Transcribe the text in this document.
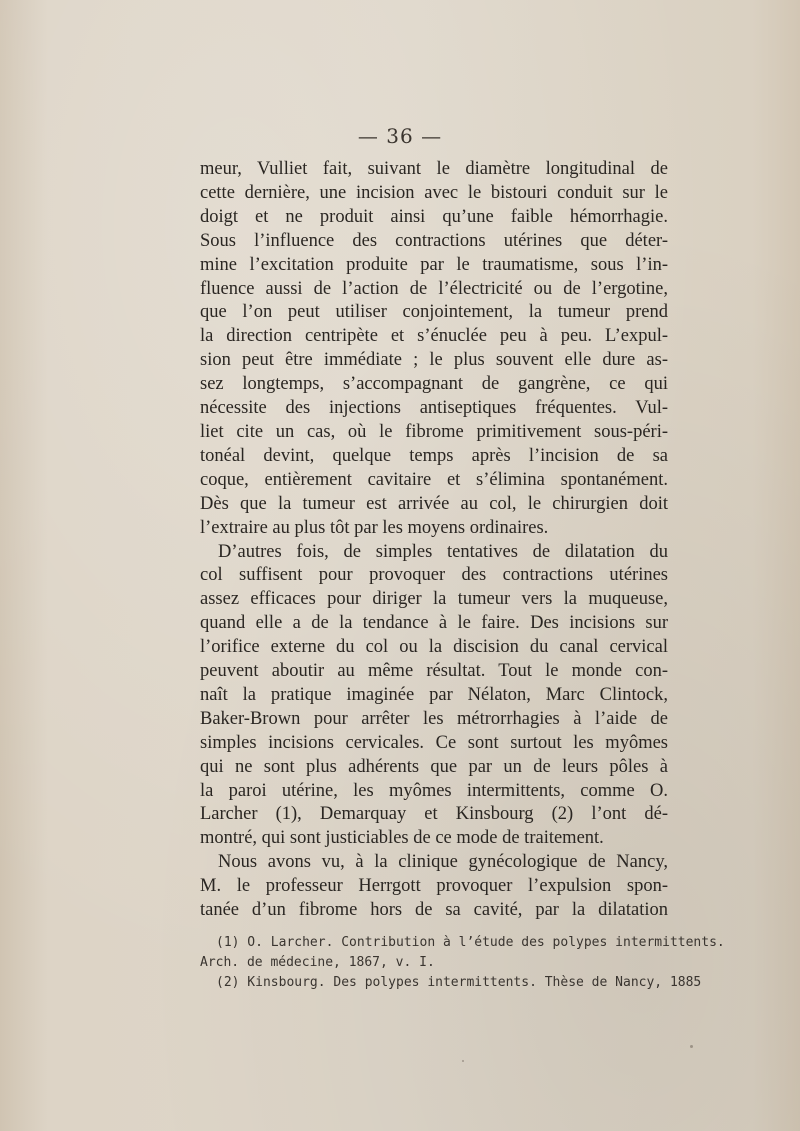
— 36 —
meur, Vulliet fait, suivant le diamètre longitudinal de
cette dernière, une incision avec le bistouri conduit sur le
doigt et ne produit ainsi qu’une faible hémorrhagie.
Sous l’influence des contractions utérines que déter-
mine l’excitation produite par le traumatisme, sous l’in-
fluence aussi de l’action de l’électricité ou de l’ergotine,
que l’on peut utiliser conjointement, la tumeur prend
la direction centripète et s’énuclée peu à peu. L’expul-
sion peut être immédiate ; le plus souvent elle dure as-
sez longtemps, s’accompagnant de gangrène, ce qui
nécessite des injections antiseptiques fréquentes. Vul-
liet cite un cas, où le fibrome primitivement sous-péri-
tonéal devint, quelque temps après l’incision de sa
coque, entièrement cavitaire et s’élimina spontanément.
Dès que la tumeur est arrivée au col, le chirurgien doit
l’extraire au plus tôt par les moyens ordinaires.
D’autres fois, de simples tentatives de dilatation du
col suffisent pour provoquer des contractions utérines
assez efficaces pour diriger la tumeur vers la muqueuse,
quand elle a de la tendance à le faire. Des incisions sur
l’orifice externe du col ou la discision du canal cervical
peuvent aboutir au même résultat. Tout le monde con-
naît la pratique imaginée par Nélaton, Marc Clintock,
Baker-Brown pour arrêter les métrorrhagies à l’aide de
simples incisions cervicales. Ce sont surtout les myômes
qui ne sont plus adhérents que par un de leurs pôles à
la paroi utérine, les myômes intermittents, comme O.
Larcher (1), Demarquay et Kinsbourg (2) l’ont dé-
montré, qui sont justiciables de ce mode de traitement.
Nous avons vu, à la clinique gynécologique de Nancy,
M. le professeur Herrgott provoquer l’expulsion spon-
tanée d’un fibrome hors de sa cavité, par la dilatation
(1) O. Larcher. Contribution à l’étude des polypes intermittents.
Arch. de médecine, 1867, v. I.
(2) Kinsbourg. Des polypes intermittents. Thèse de Nancy, 1885
